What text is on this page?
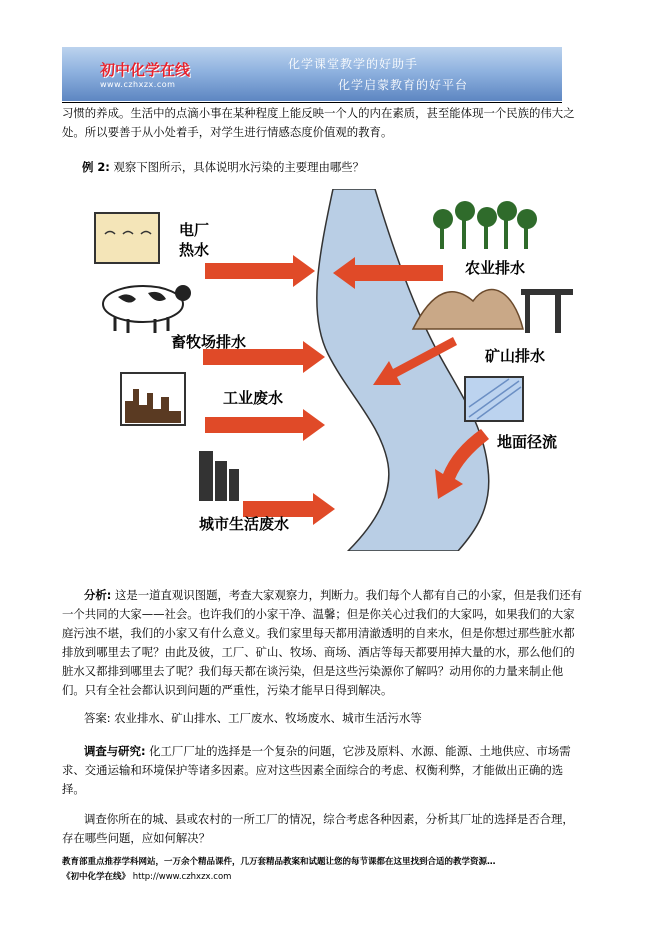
初中化学在线
www.czhxzx.com
化学课堂教学的好助手
化学启蒙教育的好平台
习惯的养成。生活中的点滴小事在某种程度上能反映一个人的内在素质，甚至能体现一个民族的伟大之处。所以要善于从小处着手，对学生进行情感态度价值观的教育。
例 2: 观察下图所示，具体说明水污染的主要理由哪些？
电厂
热水
农业排水
畜牧场排水
矿山排水
工业废水
地面径流
城市生活废水
分析: 这是一道直观识图题，考查大家观察力，判断力。我们每个人都有自己的小家，但是我们还有一个共同的大家——社会。也许我们的小家干净、温馨；但是你关心过我们的大家吗，如果我们的大家庭污浊不堪，我们的小家又有什么意义。我们家里每天都用清澈透明的自来水，但是你想过那些脏水都排放到哪里去了呢？由此及彼，工厂、矿山、牧场、商场、酒店等每天都要用掉大量的水，那么他们的脏水又都排到哪里去了呢？我们每天都在谈污染，但是这些污染源你了解吗？动用你的力量来制止他们。只有全社会都认识到问题的严重性，污染才能早日得到解决。
答案: 农业排水、矿山排水、工厂废水、牧场废水、城市生活污水等
调查与研究: 化工厂厂址的选择是一个复杂的问题，它涉及原料、水源、能源、土地供应、市场需求、交通运输和环境保护等诸多因素。应对这些因素全面综合的考虑、权衡利弊，才能做出正确的选择。
调查你所在的城、县或农村的一所工厂的情况，综合考虑各种因素，分析其厂址的选择是否合理，存在哪些问题，应如何解决？
教育部重点推荐学科网站，一万余个精品课件，几万套精品教案和试题让您的每节课都在这里找到合适的教学资源…
《初中化学在线》 http://www.czhxzx.com
